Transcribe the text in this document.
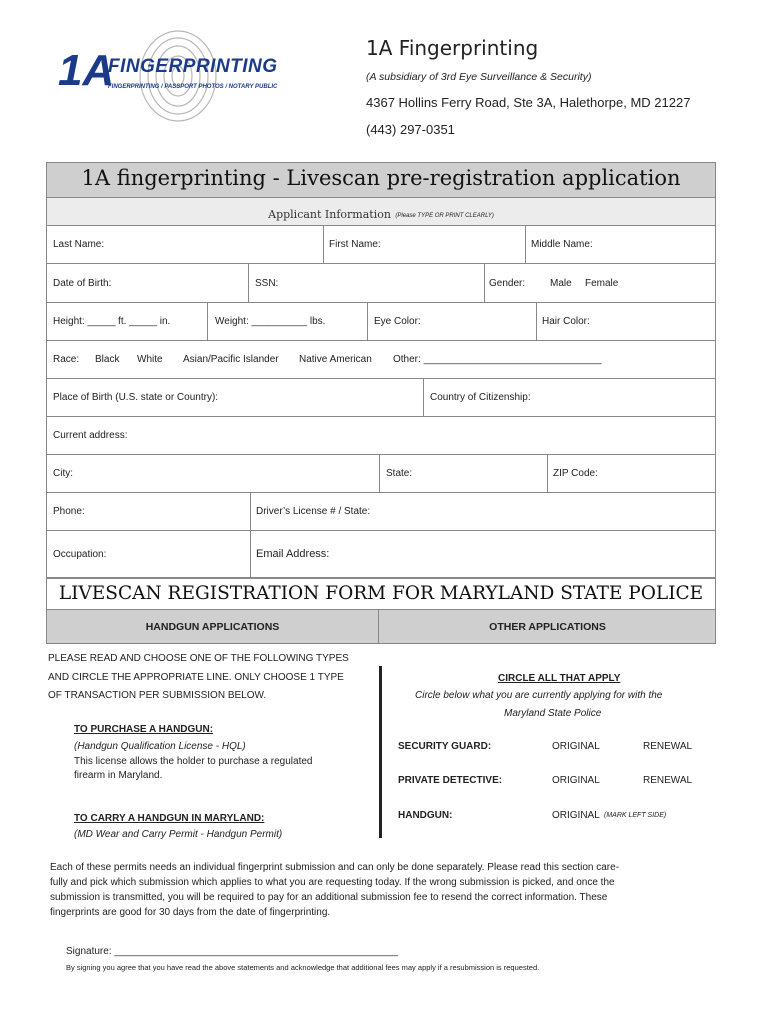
1A
FINGERPRINTING
FINGERPRINTING / PASSPORT PHOTOS / NOTARY PUBLIC
1A Fingerprinting
(A subsidiary of 3rd Eye Surveillance & Security)
4367 Hollins Ferry Road, Ste 3A, Halethorpe, MD 21227
(443) 297-0351
1A fingerprinting - Livescan pre-registration application
$_{Applicant Information}$ $_{(Please TYPE OR PRINT CLEARLY)}$
Last Name:	First Name:	Middle Name:
Date of Birth:	SSN:	Gender: Male Female
Height: _____ ft. _____ in.	Weight: __________ lbs.	Eye Color:	Hair Color:
Race: Black White Asian/Pacific Islander Native American Other: ________________________________
Place of Birth (U.S. state or Country):	Country of Citizenship:
Current address:
City:	State:	ZIP Code:
Phone:	Driver’s License # / State:
Occupation:	Email Address:
LIVESCAN REGISTRATION FORM FOR MARYLAND STATE POLICE
HANDGUN APPLICATIONS	OTHER APPLICATIONS
PLEASE READ AND CHOOSE ONE OF THE FOLLOWING TYPES
AND CIRCLE THE APPROPRIATE LINE. ONLY CHOOSE 1 TYPE
OF TRANSACTION PER SUBMISSION BELOW.
TO PURCHASE A HANDGUN:
(Handgun Qualification License - HQL)
This license allows the holder to purchase a regulated
firearm in Maryland.
TO CARRY A HANDGUN IN MARYLAND:
(MD Wear and Carry Permit - Handgun Permit)
CIRCLE ALL THAT APPLY
Circle below what you are currently applying for with the
Maryland State Police
SECURITY GUARD:	ORIGINAL	RENEWAL
PRIVATE DETECTIVE:	ORIGINAL	RENEWAL
HANDGUN:	ORIGINAL (MARK LEFT SIDE)
Each of these permits needs an individual fingerprint submission and can only be done separately. Please read this section care-
fully and pick which submission which applies to what you are requesting today. If the wrong submission is picked, and once the
submission is transmitted, you will be required to pay for an additional submission fee to resend the correct information. These
fingerprints are good for 30 days from the date of fingerprinting.
Signature: ___________________________________________________
By signing you agree that you have read the above statements and acknowledge that additional fees may apply if a resubmission is requested.
